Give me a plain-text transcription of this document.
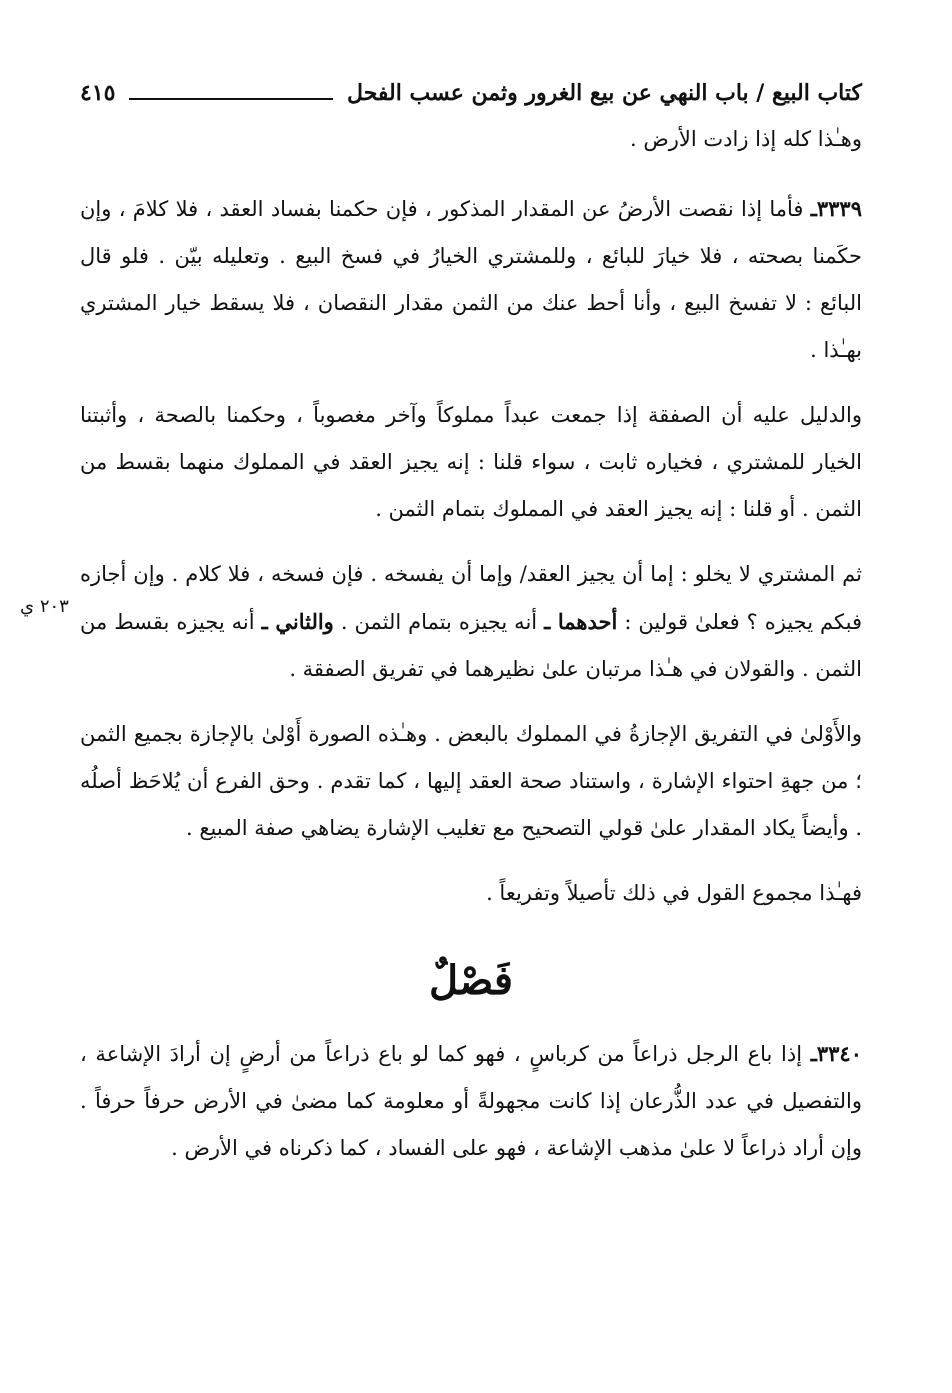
كتاب البيع / باب النهي عن بيع الغرور وثمن عسب الفحل
٤١٥
٢٠٣ ي

وهـٰذا كله إذا زادت الأرض .

٣٣٣٩ـ فأما إذا نقصت الأرضُ عن المقدار المذكور ، فإن حكمنا بفساد العقد ، فلا كلامَ ، وإن حكَمنا بصحته ، فلا خيارَ للبائع ، وللمشتري الخيارُ في فسخ البيع . وتعليله بيّن . فلو قال البائع : لا تفسخ البيع ، وأنا أحط عنك من الثمن مقدار النقصان ، فلا يسقط خيار المشتري بهـٰذا .

والدليل عليه أن الصفقة إذا جمعت عبداً مملوكاً وآخر مغصوباً ، وحكمنا بالصحة ، وأثبتنا الخيار للمشتري ، فخياره ثابت ، سواء قلنا : إنه يجيز العقد في المملوك منهما بقسط من الثمن . أو قلنا : إنه يجيز العقد في المملوك بتمام الثمن .

ثم المشتري لا يخلو : إما أن يجيز العقد/ وإما أن يفسخه . فإن فسخه ، فلا كلام . وإن أجازه فبكم يجيزه ؟ فعلىٰ قولين : أحدهما ـ أنه يجيزه بتمام الثمن . والثاني ـ أنه يجيزه بقسط من الثمن . والقولان في هـٰذا مرتبان علىٰ نظيرهما في تفريق الصفقة .

والأَوْلىٰ في التفريق الإجازةُ في المملوك بالبعض . وهـٰذه الصورة أَوْلىٰ بالإجازة بجميع الثمن ؛ من جهةِ احتواء الإشارة ، واستناد صحة العقد إليها ، كما تقدم . وحق الفرع أن يُلاحَظ أصلُه . وأيضاً يكاد المقدار علىٰ قولي التصحيح مع تغليب الإشارة يضاهي صفة المبيع .

فهـٰذا مجموع القول في ذلك تأصيلاً وتفريعاً .

فَصْلٌ

٣٣٤٠ـ إذا باع الرجل ذراعاً من كرباسٍ ، فهو كما لو باع ذراعاً من أرضٍ إن أرادَ الإشاعة ، والتفصيل في عدد الذُّرعان إذا كانت مجهولةً أو معلومة كما مضىٰ في الأرض حرفاً حرفاً . وإن أراد ذراعاً لا علىٰ مذهب الإشاعة ، فهو على الفساد ، كما ذكرناه في الأرض .
